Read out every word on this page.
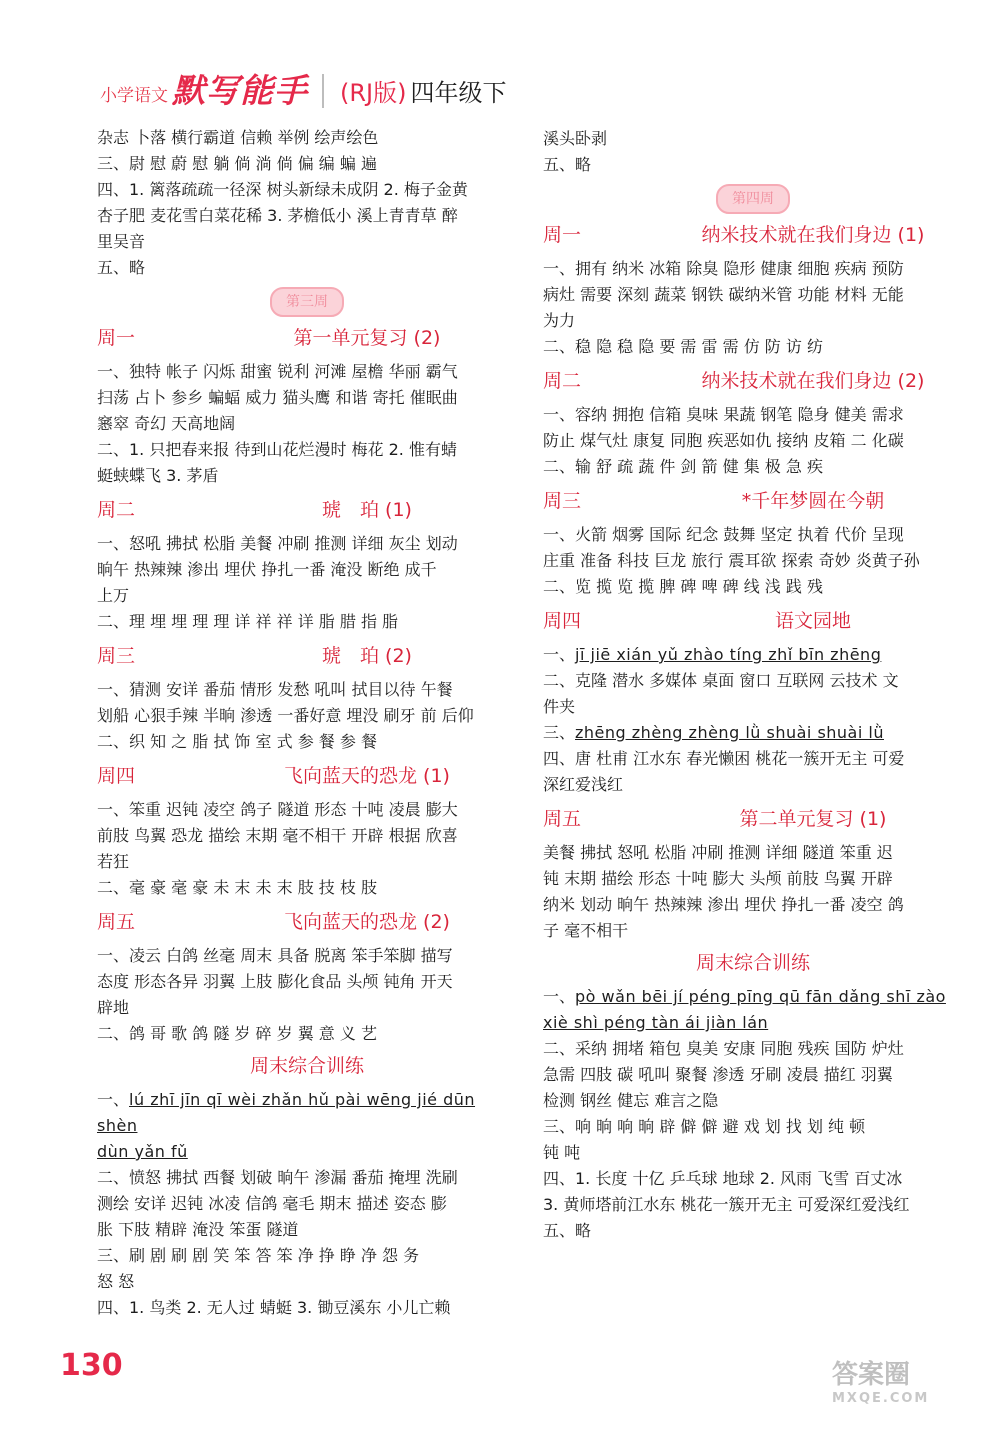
小学语文 默写能手 (RJ版) 四年级下

杂志 卜落 横行霸道 信赖 举例 绘声绘色

三、尉 慰 蔚 慰 躺 倘 淌 倘 偏 编 蝙 遍

四、1. 篱落疏疏一径深 树头新绿未成阴 2. 梅子金黄

杏子肥 麦花雪白菜花稀 3. 茅檐低小 溪上青青草 醉

里吴音

五、略

第三周
周一	第一单元复习 (2)

一、独特 帐子 闪烁 甜蜜 锐利 河滩 屋檐 华丽 霸气

扫荡 占卜 参乡 蝙蝠 威力 猫头鹰 和谐 寄托 催眠曲

窸窣 奇幻 天高地阔

二、1. 只把春来报 待到山花烂漫时 梅花 2. 惟有蜻

蜓蛱蝶飞 3. 茅盾

周二	琥　珀 (1)

一、怒吼 拂拭 松脂 美餐 冲刷 推测 详细 灰尘 划动

晌午 热辣辣 渗出 埋伏 挣扎一番 淹没 断绝 成千

上万

二、理 埋 埋 理 理 详 祥 祥 详 脂 腊 指 脂

周三	琥　珀 (2)

一、猜测 安详 番茄 情形 发愁 吼叫 拭目以待 午餐

划船 心狠手辣 半晌 渗透 一番好意 埋没 刷牙 前 后仰

二、织 知 之 脂 拭 饰 室 式 参 餐 参 餐

周四	飞向蓝天的恐龙 (1)

一、笨重 迟钝 凌空 鸽子 隧道 形态 十吨 凌晨 膨大

前肢 鸟翼 恐龙 描绘 末期 毫不相干 开辟 根据 欣喜

若狂

二、毫 豪 毫 豪 未 末 未 末 肢 技 枝 肢

周五	飞向蓝天的恐龙 (2)

一、凌云 白鸽 丝毫 周末 具备 脱离 笨手笨脚 描写

态度 形态各异 羽翼 上肢 膨化食品 头颅 钝角 开天

辟地

二、鸽 哥 歌 鸽 隧 岁 碎 岁 翼 意 义 艺

周末综合训练

一、lú zhī jīn qī wèi zhǎn hǔ pài wēng jié dūn shèn

dùn yǎn fǔ

二、愤怒 拂拭 西餐 划破 晌午 渗漏 番茄 掩埋 洗刷

测绘 安详 迟钝 冰凌 信鸽 毫毛 期末 描述 姿态 膨

胀 下肢 精辟 淹没 笨蛋 隧道

三、刷 剧 刷 剧 笑 笨 答 笨 净 挣 睁 净 怨 务

怒 怒

四、1. 鸟类 2. 无人过 蜻蜓 3. 锄豆溪东 小儿亡赖

溪头卧剥

五、略

第四周
周一	纳米技术就在我们身边 (1)

一、拥有 纳米 冰箱 除臭 隐形 健康 细胞 疾病 预防

病灶 需要 深刻 蔬菜 钢铁 碳纳米管 功能 材料 无能

为力

二、稳 隐 稳 隐 要 需 雷 需 仿 防 访 纺

周二	纳米技术就在我们身边 (2)

一、容纳 拥抱 信箱 臭味 果蔬 钢笔 隐身 健美 需求

防止 煤气灶 康复 同胞 疾恶如仇 接纳 皮箱 二 化碳

二、输 舒 疏 蔬 件 剑 箭 健 集 极 急 疾

周三	*千年梦圆在今朝

一、火箭 烟雾 国际 纪念 鼓舞 坚定 执着 代价 呈现

庄重 准备 科技 巨龙 旅行 震耳欲 探索 奇妙 炎黄子孙

二、览 揽 览 揽 脾 碑 啤 碑 线 浅 践 残

周四	语文园地

一、jī jiē xián yǔ zhào tíng zhǐ bīn zhēng

二、克隆 潜水 多媒体 桌面 窗口 互联网 云技术 文

件夹

三、zhēng zhèng zhèng lǜ shuài shuài lǜ

四、唐 杜甫 江水东 春光懒困 桃花一簇开无主 可爱

深红爱浅红

周五	第二单元复习 (1)

美餐 拂拭 怒吼 松脂 冲刷 推测 详细 隧道 笨重 迟

钝 末期 描绘 形态 十吨 膨大 头颅 前肢 鸟翼 开辟

纳米 划动 晌午 热辣辣 渗出 埋伏 挣扎一番 凌空 鸽

子 毫不相干

周末综合训练

一、pò wǎn bēi jí péng pīng qū fān dǎng shī zào

xiè shì péng tàn ái jiàn lán

二、采纳 拥堵 箱包 臭美 安康 同胞 残疾 国防 炉灶

急需 四肢 碳 吼叫 聚餐 渗透 牙刷 凌晨 描红 羽翼

检测 钢丝 健忘 难言之隐

三、响 晌 响 晌 辟 僻 僻 避 戏 划 找 划 纯 顿

钝 吨

四、1. 长度 十亿 乒乓球 地球 2. 风雨 飞雪 百丈冰

3. 黄师塔前江水东 桃花一簇开无主 可爱深红爱浅红

五、略

130	答案圈
MXQE.COM
